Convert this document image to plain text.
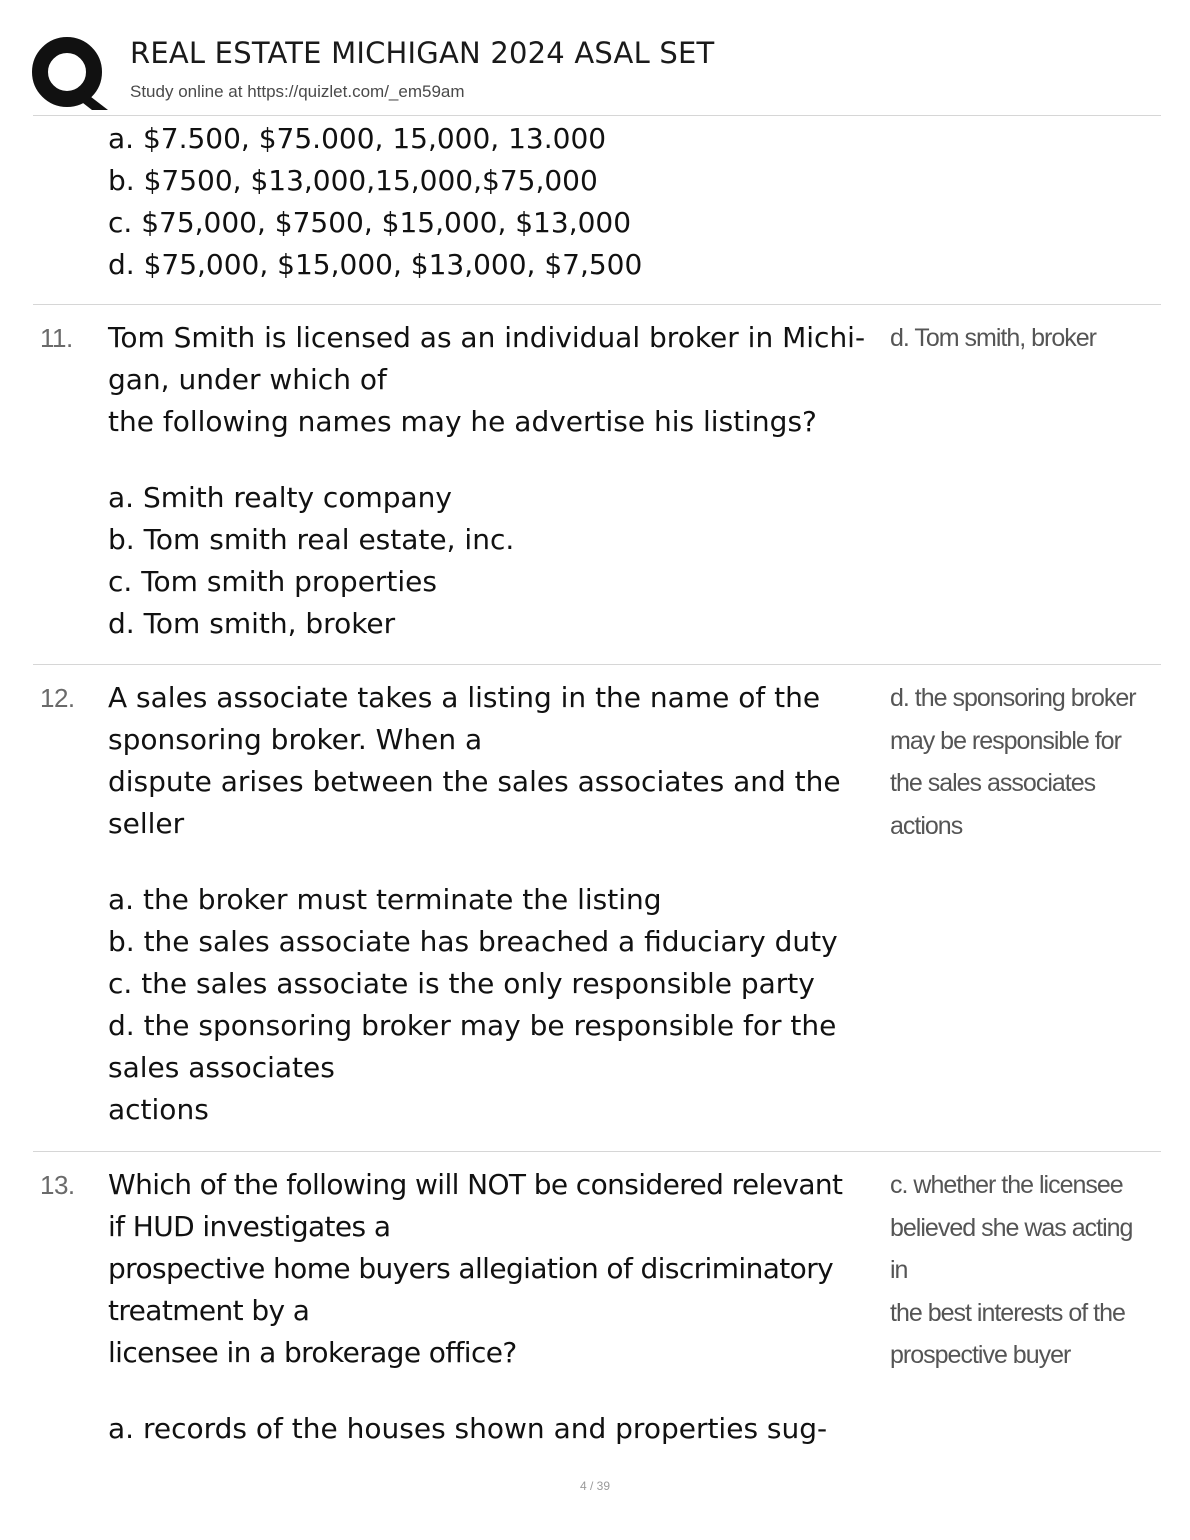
REAL ESTATE MICHIGAN 2024 ASAL SET
Study online at https://quizlet.com/_em59am
a. $7.500, $75.000, 15,000, 13.000
b. $7500, $13,000,15,000,$75,000
c. $75,000, $7500, $15,000, $13,000
d. $75,000, $15,000, $13,000, $7,500
11. Tom Smith is licensed as an individual broker in Michi-
gan, under which of
the following names may he advertise his listings?
a. Smith realty company
b. Tom smith real estate, inc.
c. Tom smith properties
d. Tom smith, broker
d. Tom smith, broker
12. A sales associate takes a listing in the name of the
sponsoring broker. When a
dispute arises between the sales associates and the
seller
a. the broker must terminate the listing
b. the sales associate has breached a fiduciary duty
c. the sales associate is the only responsible party
d. the sponsoring broker may be responsible for the
sales associates
actions
d. the sponsoring broker
may be responsible for
the sales associates
actions
13. Which of the following will NOT be considered relevant
if HUD investigates a
prospective home buyers allegiation of discriminatory
treatment by a
licensee in a brokerage office?
a. records of the houses shown and properties sug-
c. whether the licensee
believed she was acting in
the best interests of the
prospective buyer
4 / 39
